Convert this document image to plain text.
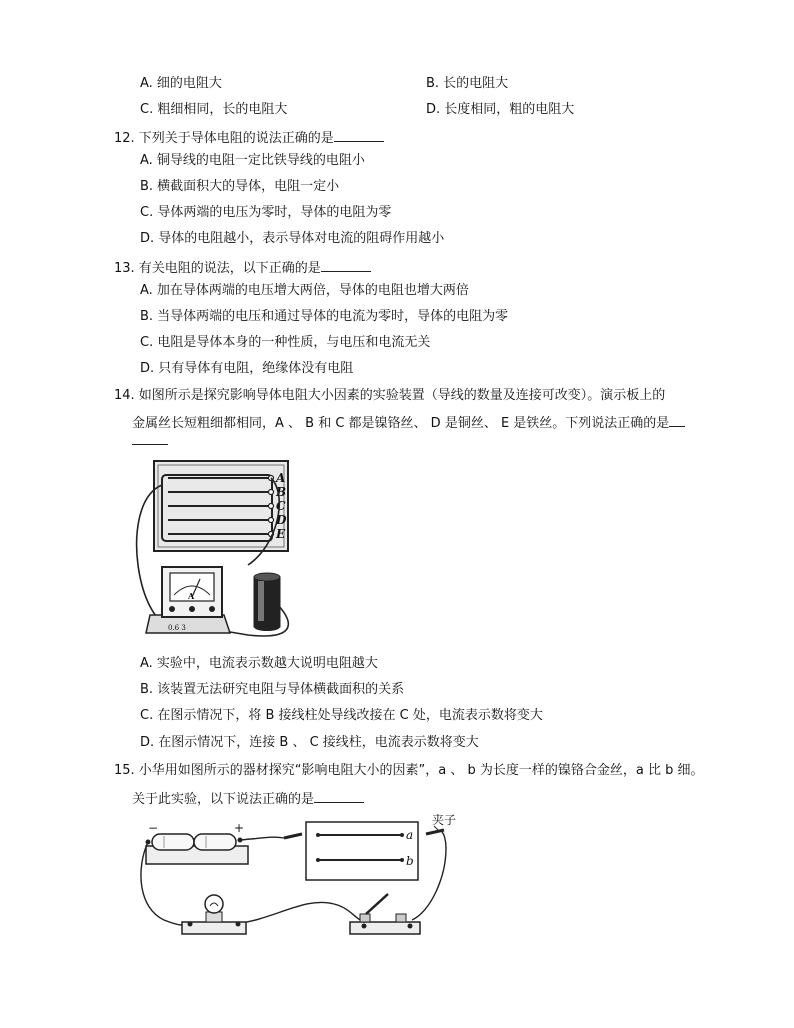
A. 细的电阻大	B. 长的电阻大
C. 粗细相同，长的电阻大	D. 长度相同，粗的电阻大
12. 下列关于导体电阻的说法正确的是
A. 铜导线的电阻一定比铁导线的电阻小
B. 横截面积大的导体，电阻一定小
C. 导体两端的电压为零时，导体的电阻为零
D. 导体的电阻越小，表示导体对电流的阻碍作用越小
13. 有关电阻的说法，以下正确的是
A. 加在导体两端的电压增大两倍，导体的电阻也增大两倍
B. 当导体两端的电压和通过导体的电流为零时，导体的电阻为零
C. 电阻是导体本身的一种性质，与电压和电流无关
D. 只有导体有电阻，绝缘体没有电阻
14. 如图所示是探究影响导体电阻大小因素的实验装置（导线的数量及连接可改变）。演示板上的
金属丝长短粗细都相同，A 、 B 和 C 都是镍铬丝、 D 是铜丝、 E 是铁丝。下列说法正确的是
A
B
C
D
E
A
0.6 3
A. 实验中，电流表示数越大说明电阻越大
B. 该装置无法研究电阻与导体横截面积的关系
C. 在图示情况下，将 B 接线柱处导线改接在 C 处，电流表示数将变大
D. 在图示情况下，连接 B 、 C 接线柱，电流表示数将变大
15. 小华用如图所示的器材探究“影响电阻大小的因素”，a 、 b 为长度一样的镍铬合金丝，a 比 b 细。
关于此实验，以下说法正确的是
−	+	a
b
夹子
